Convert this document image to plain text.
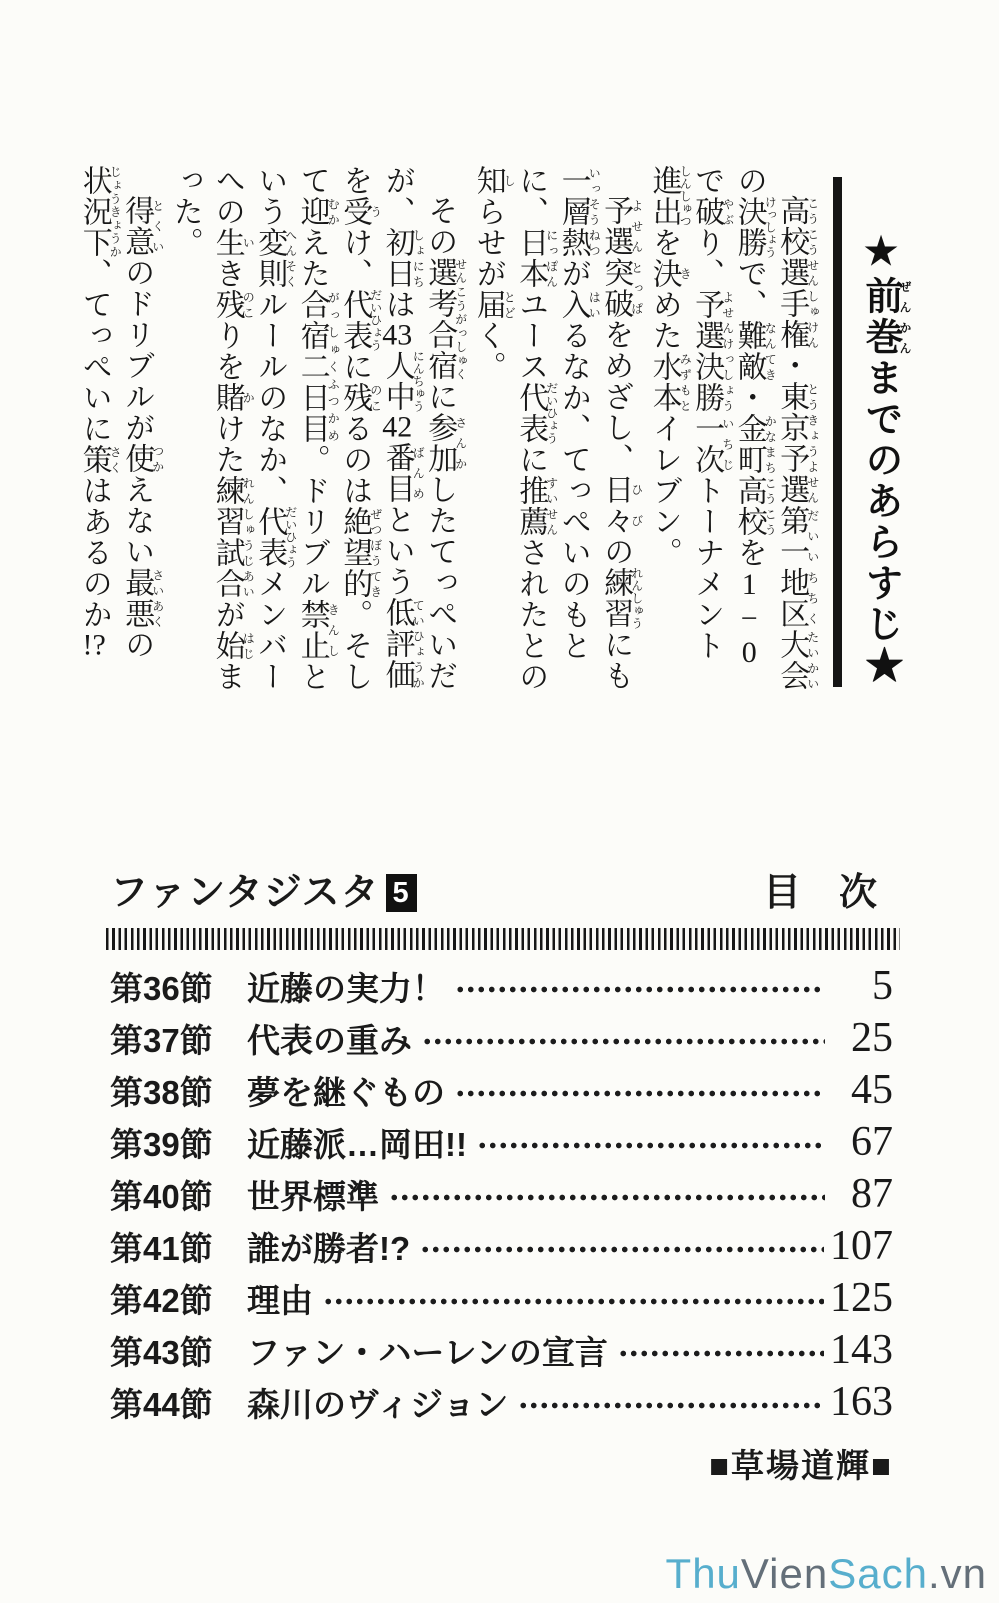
★前巻ぜんかんまでのあらすじ★

高校選手権こうこうせんしゅけん・東京予選とうきょうよせん第一地区だいいちちく大会たいかいの決勝けっしょうで、難敵なんてき・金町高校かなまちこうこうを1−0で破やぶり、予選決勝よせんけっしょう一次いちじトーナメント進出しんしゅつを決きめた水本みずもとイレブン。

予選突破よせんとっぱをめざし、日々ひびの練習れんしゅうにも一層熱いっそうねつが入はいるなか、てっぺいのもとに、日本にっぽんユース代表だいひょうに推薦すいせんされたとの知しらせが届とどく。

その選考合宿せんこうがっしゅくに参加さんかしたてっぺいだが、初日しょにちは43人中にんちゅう42番目ばんめという低てい評価ひょうかを受うけ、代表だいひょうに残のこるのは絶望的ぜつぼうてき。そして迎むかえた合宿二日目がっしゅくふつかめ。ドリブル禁止きんしという変則へんそくルールのなか、代表だいひょうメンバーへの生いき残のこりを賭かけた練習試合れんしゅうじあいが始はじまった。

得意とくいのドリブルが使つかえない最悪さいあくの状況下じょうきょうか、てっぺいに策さくはあるのか!?

ファンタジスタ 5	目　次
第36節	近藤の実力！	5
第37節	代表の重み	25
第38節	夢を継ぐもの	45
第39節	近藤派…岡田!!	67
第40節	世界標準	87
第41節	誰が勝者!?	107
第42節	理由	125
第43節	ファン・ハーレンの宣言	143
第44節	森川のヴィジョン	163
■草場道輝■
ThuVienSach.vn
